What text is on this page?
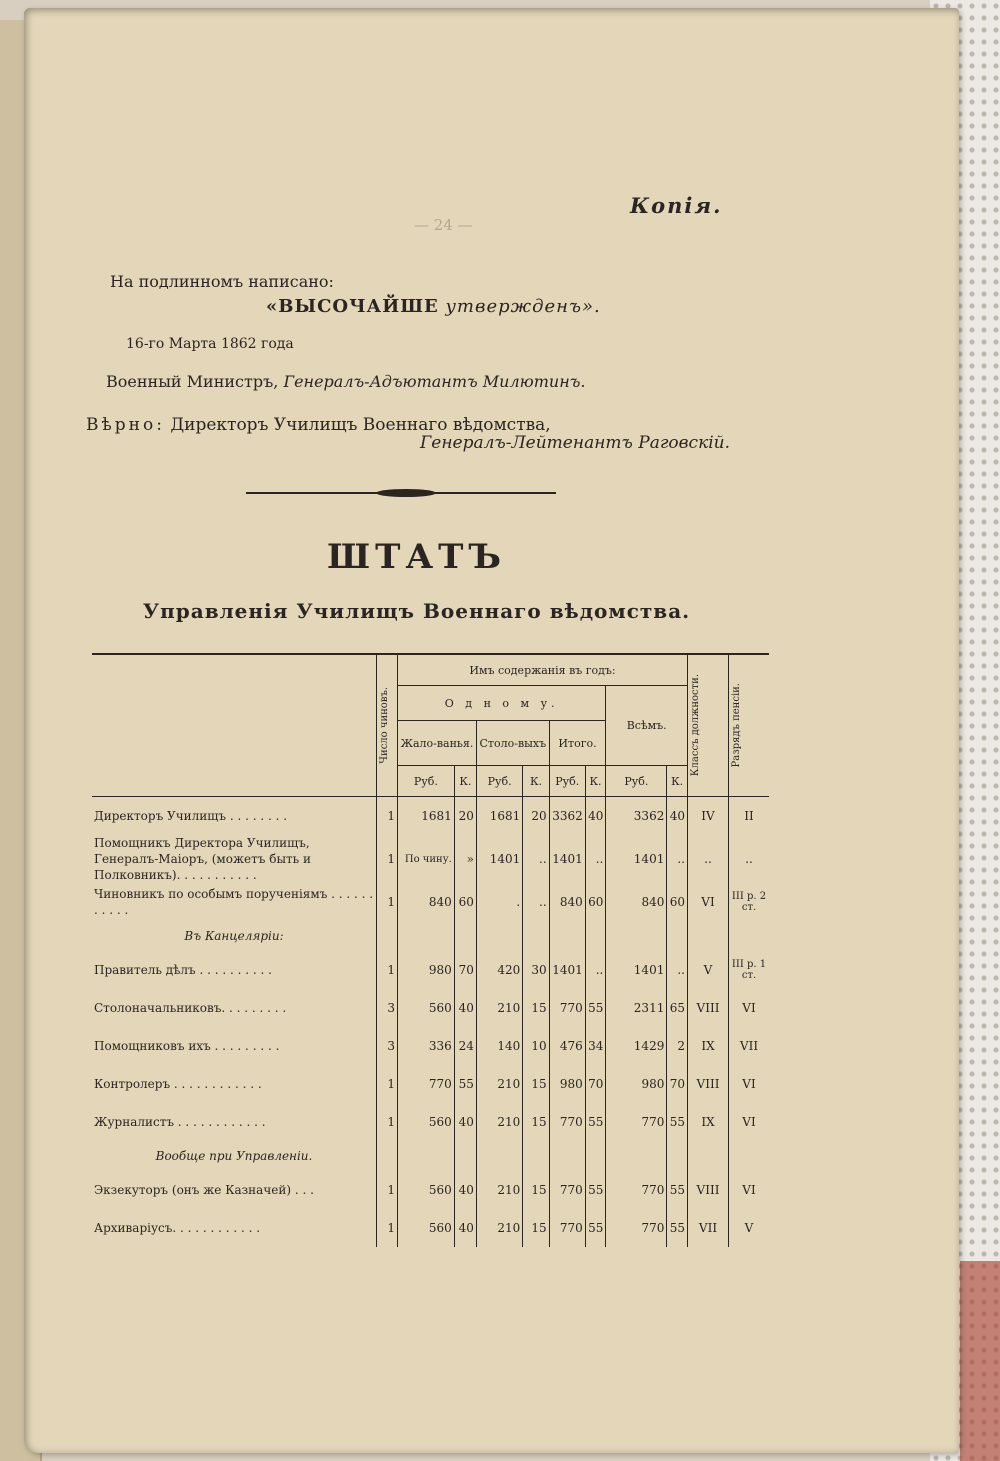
Копія.
— 24 —
На подлинномъ написано:
«ВЫСОЧАЙШЕ утвержденъ».
16-го Марта 1862 года
Военный Министръ, Генералъ-Адъютантъ Милютинъ.
Вѣрно: Директоръ Училищъ Военнаго вѣдомства,
Генералъ-Лейтенантъ Раговскій.
ШТАТЪ
Управленія Училищъ Военнаго вѣдомства.

	Число чиновъ.	Имъ содержанія въ годъ:								Классъ должности.	Разрядъ пенсіи.

		О д н о м у.						Всѣмъ.			
		Жало-ванья.		Столо-выхъ		Итого.					
		Руб.	К.	Руб.	К.	Руб.	К.	Руб.	К.		
Директоръ Училищъ . . . . . . . .	1	1681	20	1681	20	3362	40	3362	40	IV	II
Помощникъ Директора Училищъ, Генералъ-Маіоръ, (можетъ быть и Полковникъ). . . . . . . . . . .	1	По чину.	»	1401	..	1401	..	1401	..	..	..
Чиновникъ по особымъ порученіямъ . . . . . . . . . . .	1	840	60	.	..	840	60	840	60	VI	III р. 2 ст.
Въ Канцеляріи:											
Правитель дѣлъ . . . . . . . . . .	1	980	70	420	30	1401	..	1401	..	V	III р. 1 ст.
Столоначальниковъ. . . . . . . . .	3	560	40	210	15	770	55	2311	65	VIII	VI
Помощниковъ ихъ . . . . . . . . .	3	336	24	140	10	476	34	1429	2	IX	VII
Контролеръ . . . . . . . . . . . .	1	770	55	210	15	980	70	980	70	VIII	VI
Журналистъ . . . . . . . . . . . .	1	560	40	210	15	770	55	770	55	IX	VI
Вообще при Управленіи.											
Экзекуторъ (онъ же Казначей) . . .	1	560	40	210	15	770	55	770	55	VIII	VI
Архиваріусъ. . . . . . . . . . . .	1	560	40	210	15	770	55	770	55	VII	V
